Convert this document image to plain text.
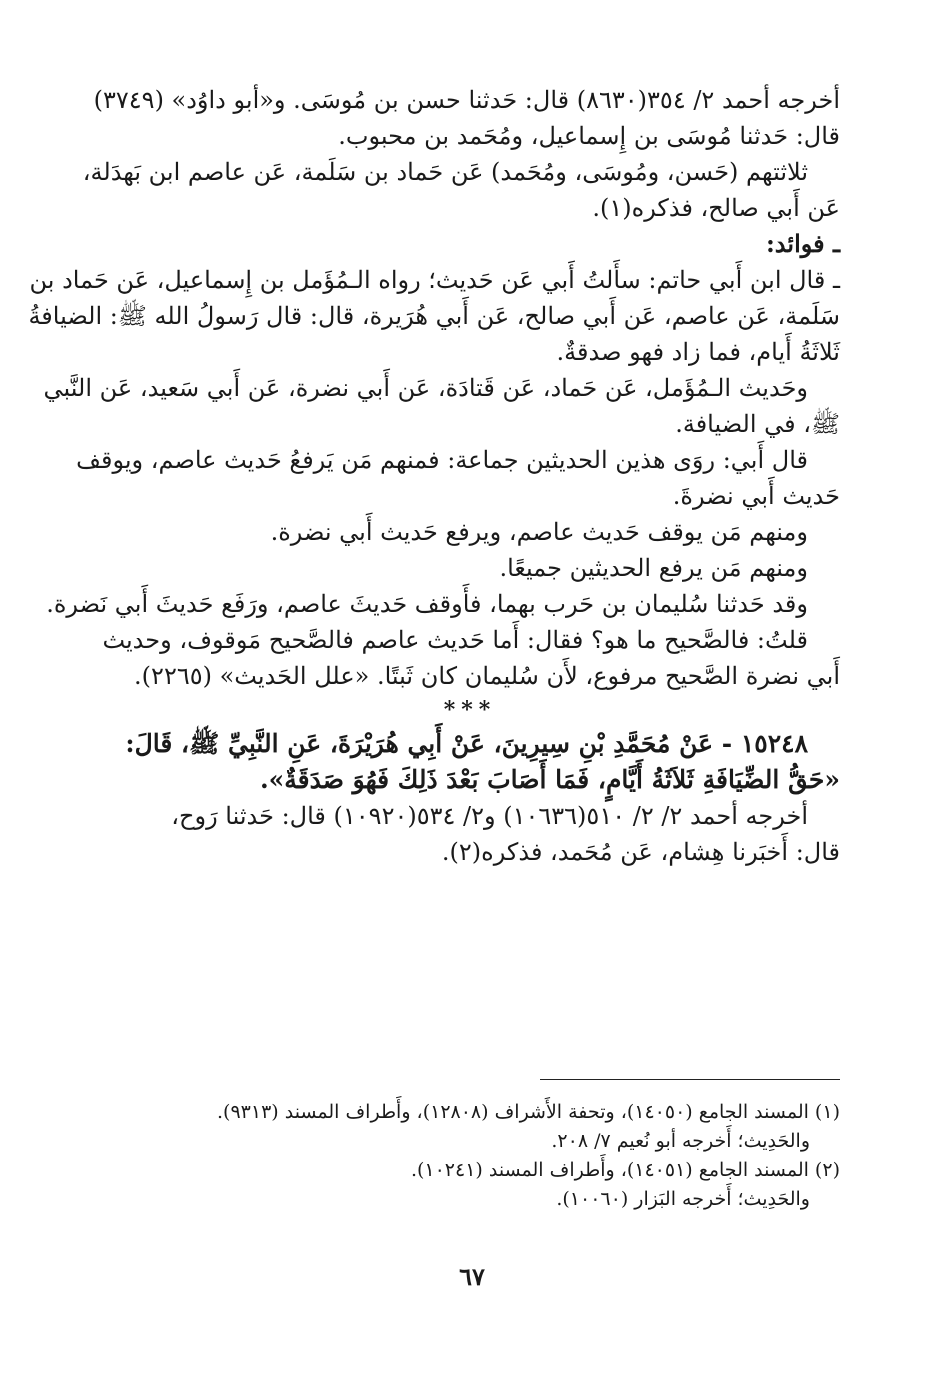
أخرجه أحمد ٢/ ٣٥٤(٨٦٣٠) قال: حَدثنا حسن بن مُوسَى. و«أبو داوُد» (٣٧٤٩)
قال: حَدثنا مُوسَى بن إِسماعيل، ومُحَمد بن محبوب.
ثلاثتهم (حَسن، ومُوسَى، ومُحَمد) عَن حَماد بن سَلَمة، عَن عاصم ابن بَهدَلة،
عَن أَبي صالح، فذكره(١).
ـ فوائد:
ـ قال ابن أَبي حاتم: سأَلتُ أَبي عَن حَديث؛ رواه الـمُؤَمل بن إِسماعيل، عَن حَماد بن
سَلَمة، عَن عاصم، عَن أَبي صالح، عَن أَبي هُرَيرة، قال: قال رَسولُ الله ﷺ: الضيافةُ
ثَلاثَةُ أَيام، فما زاد فهو صدقةٌ.
وحَديث الـمُؤَمل، عَن حَماد، عَن قَتادَة، عَن أَبي نضرة، عَن أَبي سَعيد، عَن النَّبي
ﷺ، في الضيافة.
قال أَبي: روَى هذين الحديثين جماعة: فمنهم مَن يَرفعُ حَديث عاصم، ويوقف
حَديث أَبي نضرةَ.
ومنهم مَن يوقف حَديث عاصم، ويرفع حَديث أَبي نضرة.
ومنهم مَن يرفع الحديثين جميعًا.
وقد حَدثنا سُليمان بن حَرب بهما، فأَوقف حَديثَ عاصم، ورَفَع حَديثَ أَبي نَضرة.
قلتُ: فالصَّحيح ما هو؟ فقال: أَما حَديث عاصم فالصَّحيح مَوقوف، وحديث
أَبي نضرة الصَّحيح مرفوع، لأَن سُليمان كان ثَبتًا. «علل الحَديث» (٢٢٦٥).
***
١٥٢٤٨ - عَنْ مُحَمَّدِ بْنِ سِيرِينَ، عَنْ أَبِي هُرَيْرَةَ، عَنِ النَّبِيِّ ﷺ، قَالَ:
«حَقُّ الضِّيَافَةِ ثَلاَثَةُ أَيَّامٍ، فَمَا أَصَابَ بَعْدَ ذَلِكَ فَهُوَ صَدَقَةٌ».
أخرجه أحمد ٢/ ٢/ ٥١٠(١٠٦٣٦) و٢/ ٥٣٤(١٠٩٢٠) قال: حَدثنا رَوح،
قال: أَخبَرنا هِشام، عَن مُحَمد، فذكره(٢).
(١) المسند الجامع (١٤٠٥٠)، وتحفة الأَشراف (١٢٨٠٨)، وأَطراف المسند (٩٣١٣).
والحَدِيث؛ أَخرجه أبو نُعيم ٧/ ٢٠٨.
(٢) المسند الجامع (١٤٠٥١)، وأَطراف المسند (١٠٢٤١).
والحَدِيث؛ أَخرجه البَزار (١٠٠٦٠).
٦٧
